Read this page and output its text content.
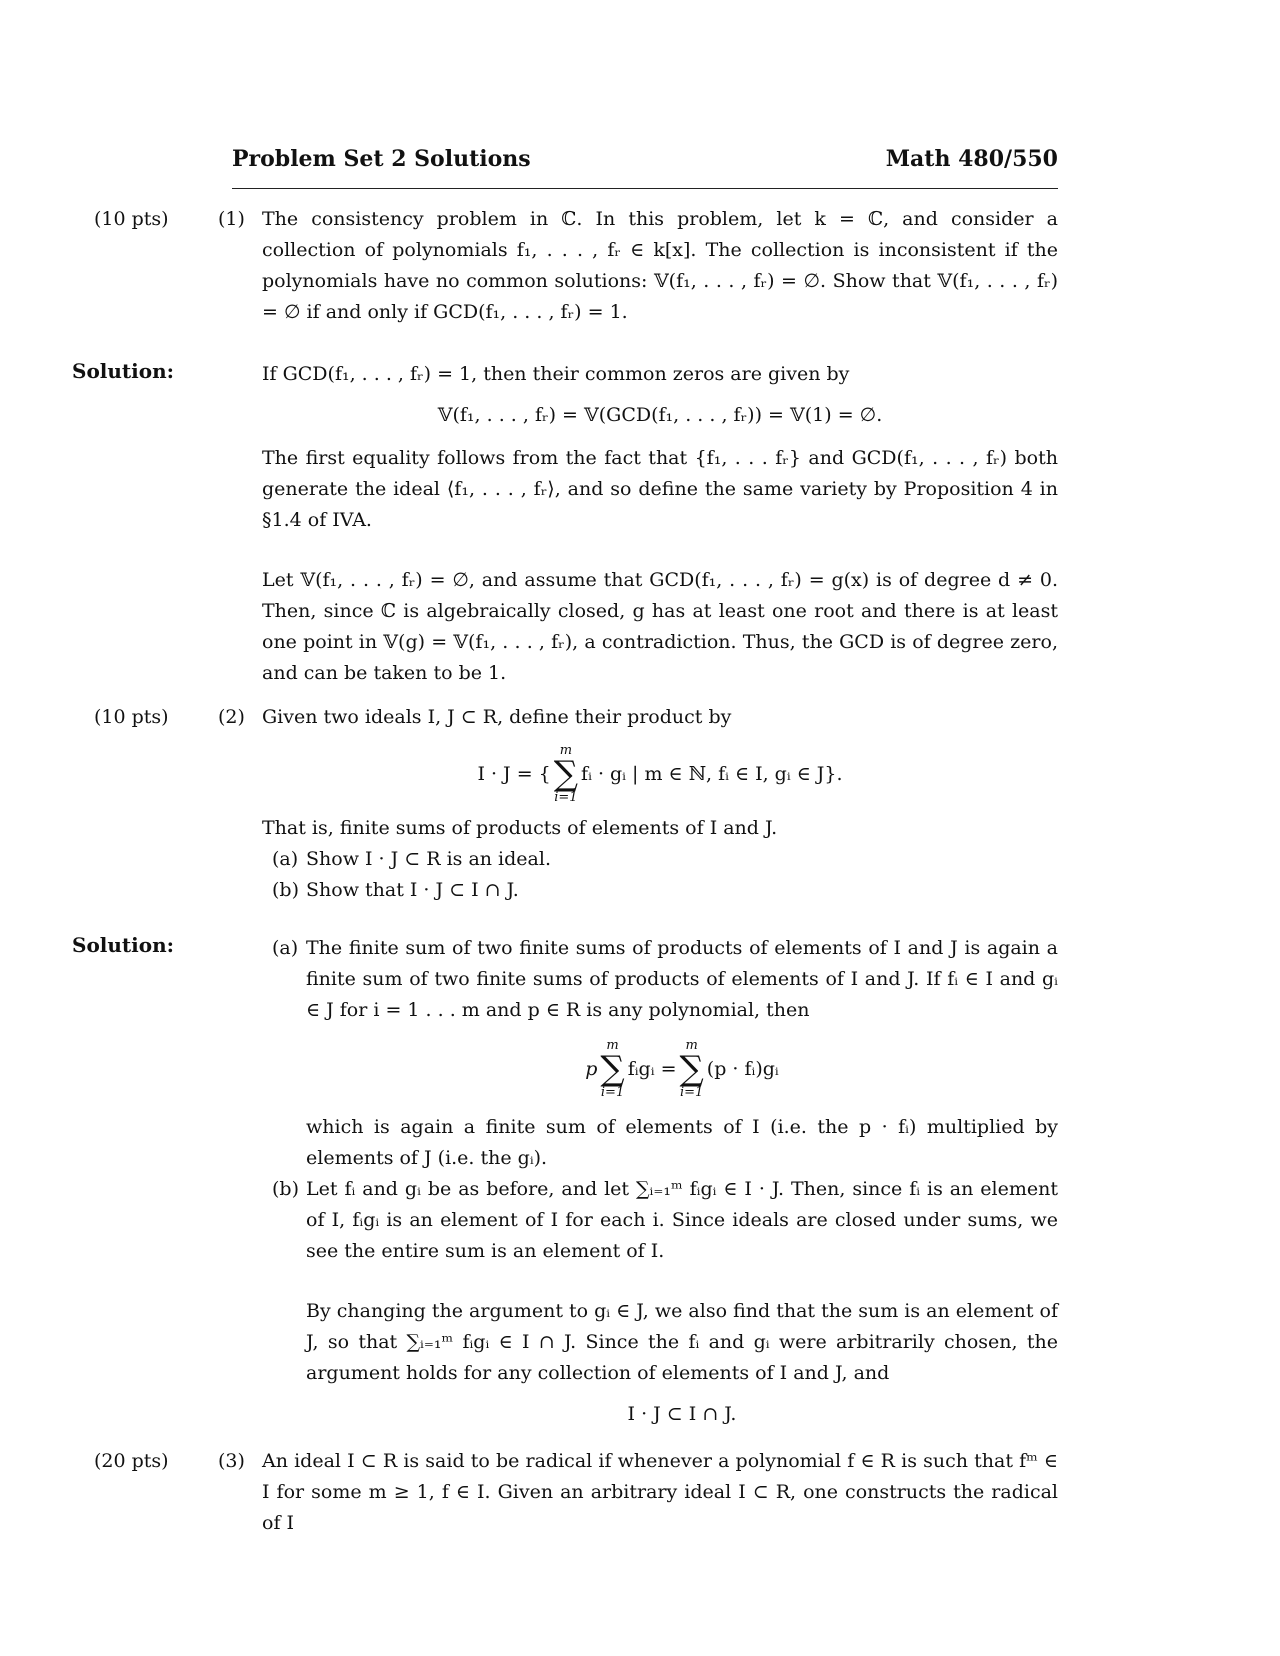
Problem Set 2 Solutions	Math 480/550
(10 pts)	(1) The consistency problem in ℂ. In this problem, let k = ℂ, and consider a collection of polynomials f₁, . . . , fᵣ ∈ k[x]. The collection is inconsistent if the polynomials have no common solutions: 𝕍(f₁, . . . , fᵣ) = ∅. Show that 𝕍(f₁, . . . , fᵣ) = ∅ if and only if GCD(f₁, . . . , fᵣ) = 1.

Solution:	If GCD(f₁, . . . , fᵣ) = 1, then their common zeros are given by

𝕍(f₁, . . . , fᵣ) = 𝕍(GCD(f₁, . . . , fᵣ)) = 𝕍(1) = ∅.

The first equality follows from the fact that {f₁, . . . fᵣ} and GCD(f₁, . . . , fᵣ) both generate the ideal ⟨f₁, . . . , fᵣ⟩, and so define the same variety by Proposition 4 in §1.4 of IVA.

Let 𝕍(f₁, . . . , fᵣ) = ∅, and assume that GCD(f₁, . . . , fᵣ) = g(x) is of degree d ≠ 0. Then, since ℂ is algebraically closed, g has at least one root and there is at least one point in 𝕍(g) = 𝕍(f₁, . . . , fᵣ), a contradiction. Thus, the GCD is of degree zero, and can be taken to be 1.

(10 pts)	(2) Given two ideals I, J ⊂ R, define their product by

I · J = {
m
∑
i=1
fᵢ · gᵢ | m ∈ ℕ, fᵢ ∈ I, gᵢ ∈ J}.

That is, finite sums of products of elements of I and J.

(a) Show I · J ⊂ R is an ideal.
(b) Show that I · J ⊂ I ∩ J.
Solution:	(a) The finite sum of two finite sums of products of elements of I and J is again a finite sum of two finite sums of products of elements of I and J. If fᵢ ∈ I and gᵢ ∈ J for i = 1 . . . m and p ∈ R is any polynomial, then
p
m
∑
i=1
fᵢgᵢ =
m
∑
i=1
(p · fᵢ)gᵢ

which is again a finite sum of elements of I (i.e. the p · fᵢ) multiplied by elements of J (i.e. the gᵢ).

(b) Let fᵢ and gᵢ be as before, and let ∑ᵢ₌₁ᵐ fᵢgᵢ ∈ I · J. Then, since fᵢ is an element of I, fᵢgᵢ is an element of I for each i. Since ideals are closed under sums, we see the entire sum is an element of I.

By changing the argument to gᵢ ∈ J, we also find that the sum is an element of J, so that ∑ᵢ₌₁ᵐ fᵢgᵢ ∈ I ∩ J. Since the fᵢ and gᵢ were arbitrarily chosen, the argument holds for any collection of elements of I and J, and

I · J ⊂ I ∩ J.

(20 pts)	(3) An ideal I ⊂ R is said to be radical if whenever a polynomial f ∈ R is such that fᵐ ∈ I for some m ≥ 1, f ∈ I. Given an arbitrary ideal I ⊂ R, one constructs the radical of I
